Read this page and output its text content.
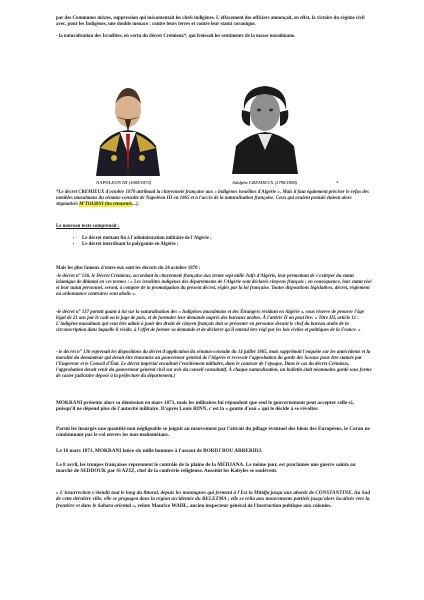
par des Communes mixtes, suppression qui mécontentait les chefs indigènes. L'effacement des officiers annonçait, en effet, la victoire du régime civil avec, pour les Indigènes, une double menace : contre leurs terres et contre leur statut coranique.

- la naturalisation des Israélites, en vertu du décret Crémieux*, qui froissait les sentiments de la masse musulmane.

NAPOLEON III (1808/1873)	Adolphe CREMIEUX (1796/1880)	*

*Le décret CREMIEUX d'octobre 1870 attribuait la citoyenneté française aux « indigènes israélites d'Algérie ». Mais il faut également préciser le refus des notables musulmans du sénatus-consulte de Napoléon III en 1865 et à l'accès de la naturalisation française. Ceux qui avaient postulé étaient alors stigmatisés M'TOURNI (les retournés...).

Le nouveau texte comprenait :

• Le décret mettant fin à l'administration militaire de l'Algérie ;
• Le décret interdisant la polygamie en Algérie ;

Mais les plus fameux d'entre eux sont les décrets du 24 octobre 1870 :

-le décret n° 136, le Décret Crémieux, accordant la citoyenneté française aux trente sept mille Juifs d'Algérie, leur permettant de s'extirper du statut islamique de dhimmi en ces termes : « Les israélites indigènes des départements de l'Algérie sont déclarés citoyens français ; en conséquence, leur statut réel et leur statut personnel, seront, à compter de la promulgation du présent décret, réglés par la loi française. Toutes dispositions législatives, décret, règlement ou ordonnance contraires sont abolis ».

-le décret n° 137 portait quant à lui sur la naturalisation des « Indigènes musulmans et des Étrangers résidant en Algérie », sous réserve de prouver l'âge légal de 21 ans par le cadi ou le juge de paix, et de formuler leur demande auprès des bureaux arabes. À l'article II on peut lire: « Titre III, article 11 : L'indigène musulman qui veut être admis à jouir des droits de citoyen français doit se présenter en personne devant le chef du bureau arabe de la circonscription dans laquelle il réside, à l'effet de former sa demande et de déclarer qu'il entend être régi par les lois civiles et politiques de la France. »

- le décret n° 136 reprenait les dispositions du décret d'application du sénatus-consulte du 14 juillet 1865, mais supprimait l'enquête sur les antécédents et la moralité du demandeur qui devait être transmise au gouverneur général de l'Algérie et recevoir l'approbation du garde des Sceaux pour être statuée par l'Empereur et le Conseil d'État. Le décret impérial encadrait l'enrôlement militaire, dans le contexte de l'époque. Dans le cas du décret Crémieux, l'approbation devait venir du gouverneur général civil sur avis du conseil consultatif. À chaque naturalisation, un bulletin était néanmoins gardé sous forme de casier judiciaire déposé à la préfecture du département.]

MOKRANI présente alors sa démission en mars 1871, mais les militaires lui répondent que seul le gouvernement peut accepter celle-ci, puisqu'il ne dépend plus de l'autorité militaire. D'après Louis RINN, c'est la « goutte d'eau » qui le décide à se révolter.

Parmi les insurgés une quantité non négligeable se joignit au mouvement par l'attrait du pillage éventuel des biens des Européens, le Coran ne condamnant pas le vol envers les non-mahométans.

Le 16 mars 1871, MOKRANI lance six mille hommes à l'assaut de BORDJ BOU ARRERIDJ.

Le 8 avril, les troupes françaises reprennent le contrôle de la plaine de la MEDJANA. Le même jour, est proclamée une guerre sainte au marché de SEDDOUK par Si AZIZ, chef de la confrérie religieuse. Aussitôt les Kabyles se soulèvent.

« L'insurrection s'étendit tout le long du littoral, depuis les montagnes qui ferment à l'Est la Mitidja jusqu'aux abords de CONSTANTINE. Au Sud de cette dernière ville, elle se propagea dans la région accidentée du BELEZMA ; elle se relia aux mouvements partiels jusqu'alors localisés vers la frontière et dans le Sahara oriental », relate Maurice WAHL, ancien inspecteur général de l'instruction publique aux colonies.
